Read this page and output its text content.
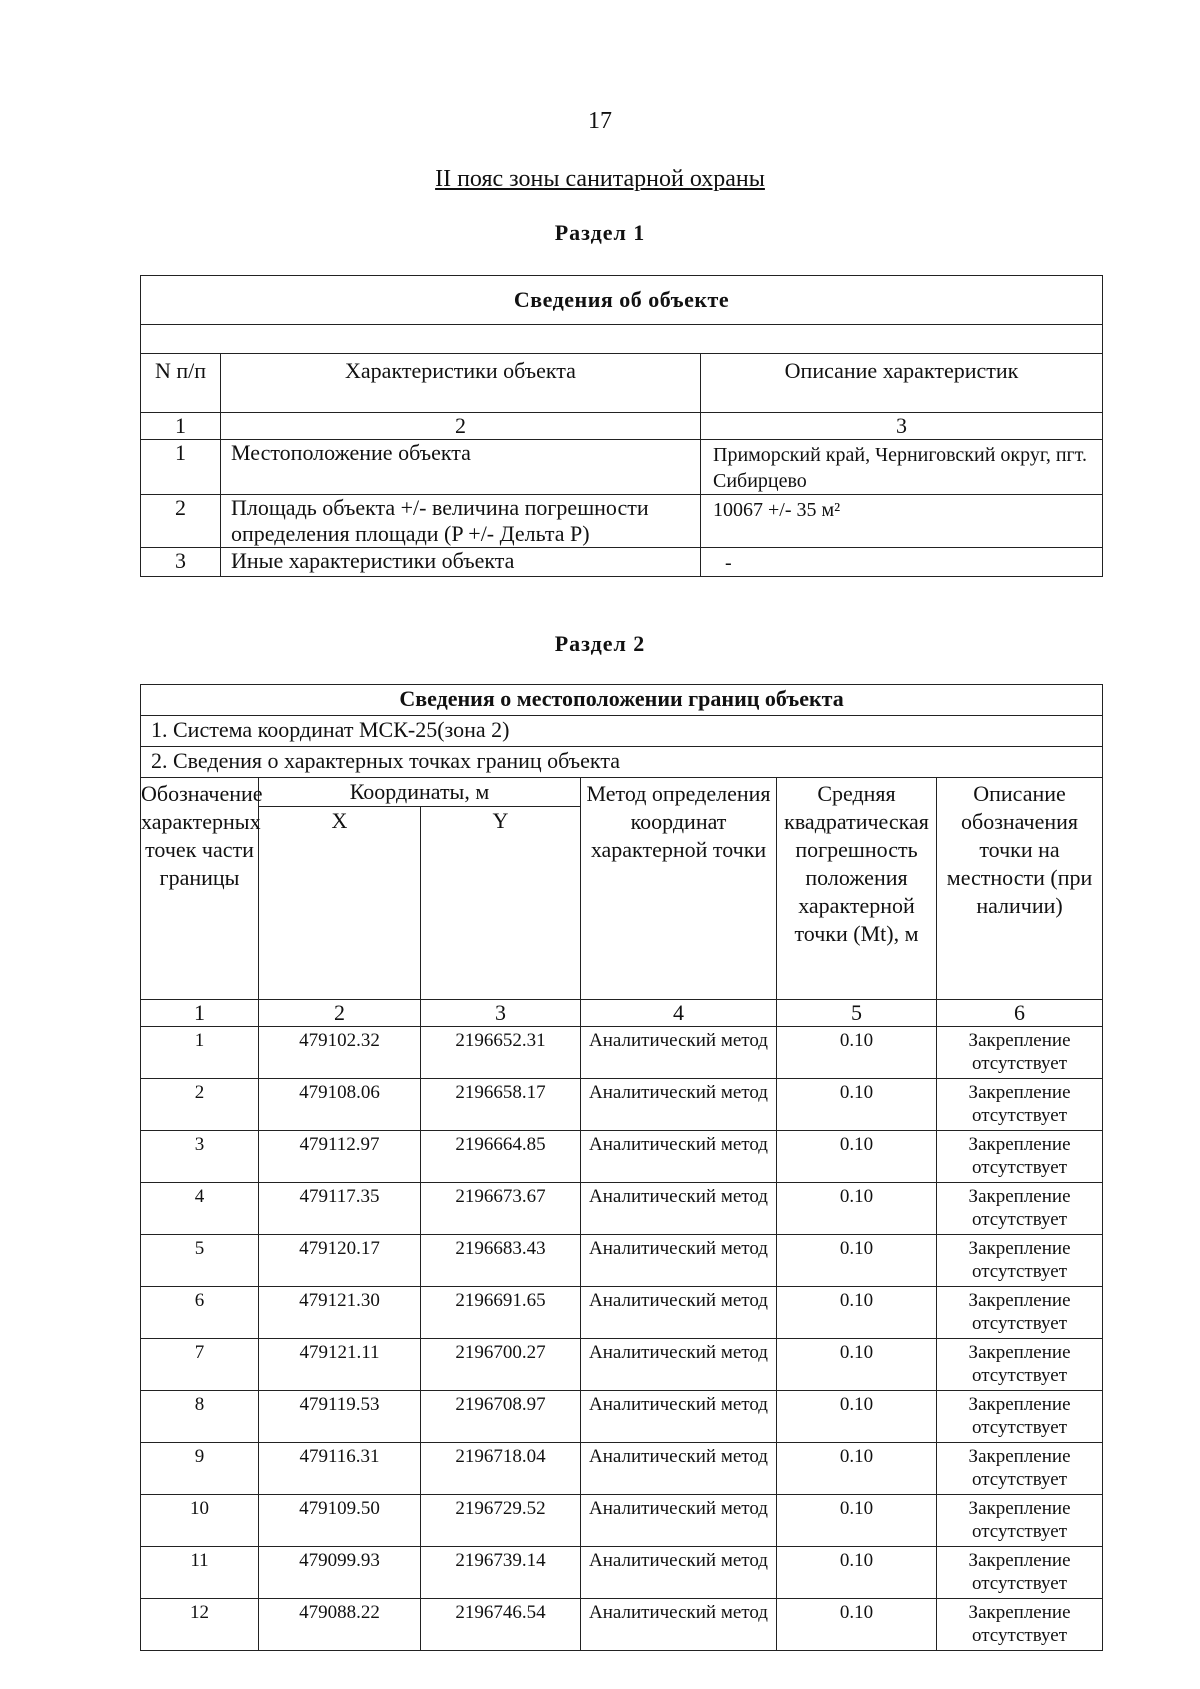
17
II пояс зоны санитарной охраны
Раздел 1
Сведения об объекте		

N п/п	Характеристики объекта	Описание характеристик
1	2	3
1	Местоположение объекта	Приморский край, Черниговский округ, пгт. Сибирцево
2	Площадь объекта +/- величина погрешности определения площади (P +/- Дельта P)	10067 +/- 35 м²
3	Иные характеристики объекта	-
Раздел 2
Сведения о местоположении границ объекта					
1. Система координат МСК-25(зона 2)					
2. Сведения о характерных точках границ объекта					
Обозначение характерных точек части границы	Координаты, м		Метод определения координат характерной точки	Средняя квадратическая погрешность положения характерной точки (Mt), м	Описание обозначения точки на местности (при наличии)
	X	Y			
1	2	3	4	5	6
1	479102.32	2196652.31	Аналитический метод	0.10	Закрепление отсутствует
2	479108.06	2196658.17	Аналитический метод	0.10	Закрепление отсутствует
3	479112.97	2196664.85	Аналитический метод	0.10	Закрепление отсутствует
4	479117.35	2196673.67	Аналитический метод	0.10	Закрепление отсутствует
5	479120.17	2196683.43	Аналитический метод	0.10	Закрепление отсутствует
6	479121.30	2196691.65	Аналитический метод	0.10	Закрепление отсутствует
7	479121.11	2196700.27	Аналитический метод	0.10	Закрепление отсутствует
8	479119.53	2196708.97	Аналитический метод	0.10	Закрепление отсутствует
9	479116.31	2196718.04	Аналитический метод	0.10	Закрепление отсутствует
10	479109.50	2196729.52	Аналитический метод	0.10	Закрепление отсутствует
11	479099.93	2196739.14	Аналитический метод	0.10	Закрепление отсутствует
12	479088.22	2196746.54	Аналитический метод	0.10	Закрепление отсутствует
